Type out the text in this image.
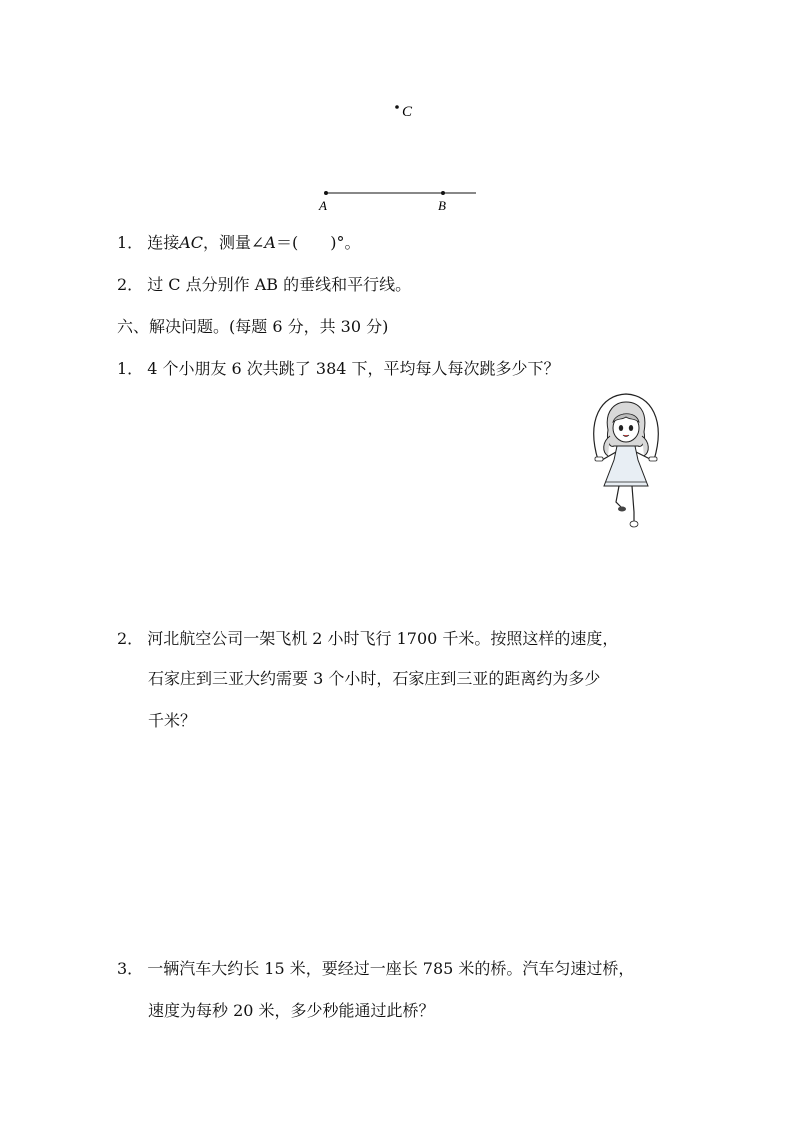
C
A	B
1． 连接AC，测量∠A＝(　　)°。
2． 过 C 点分别作 AB 的垂线和平行线。
六、解决问题。(每题 6 分，共 30 分)
1． 4 个小朋友 6 次共跳了 384 下，平均每人每次跳多少下？
2． 河北航空公司一架飞机 2 小时飞行 1700 千米。按照这样的速度，
石家庄到三亚大约需要 3 个小时，石家庄到三亚的距离约为多少
千米？
3． 一辆汽车大约长 15 米，要经过一座长 785 米的桥。汽车匀速过桥，
速度为每秒 20 米，多少秒能通过此桥？
